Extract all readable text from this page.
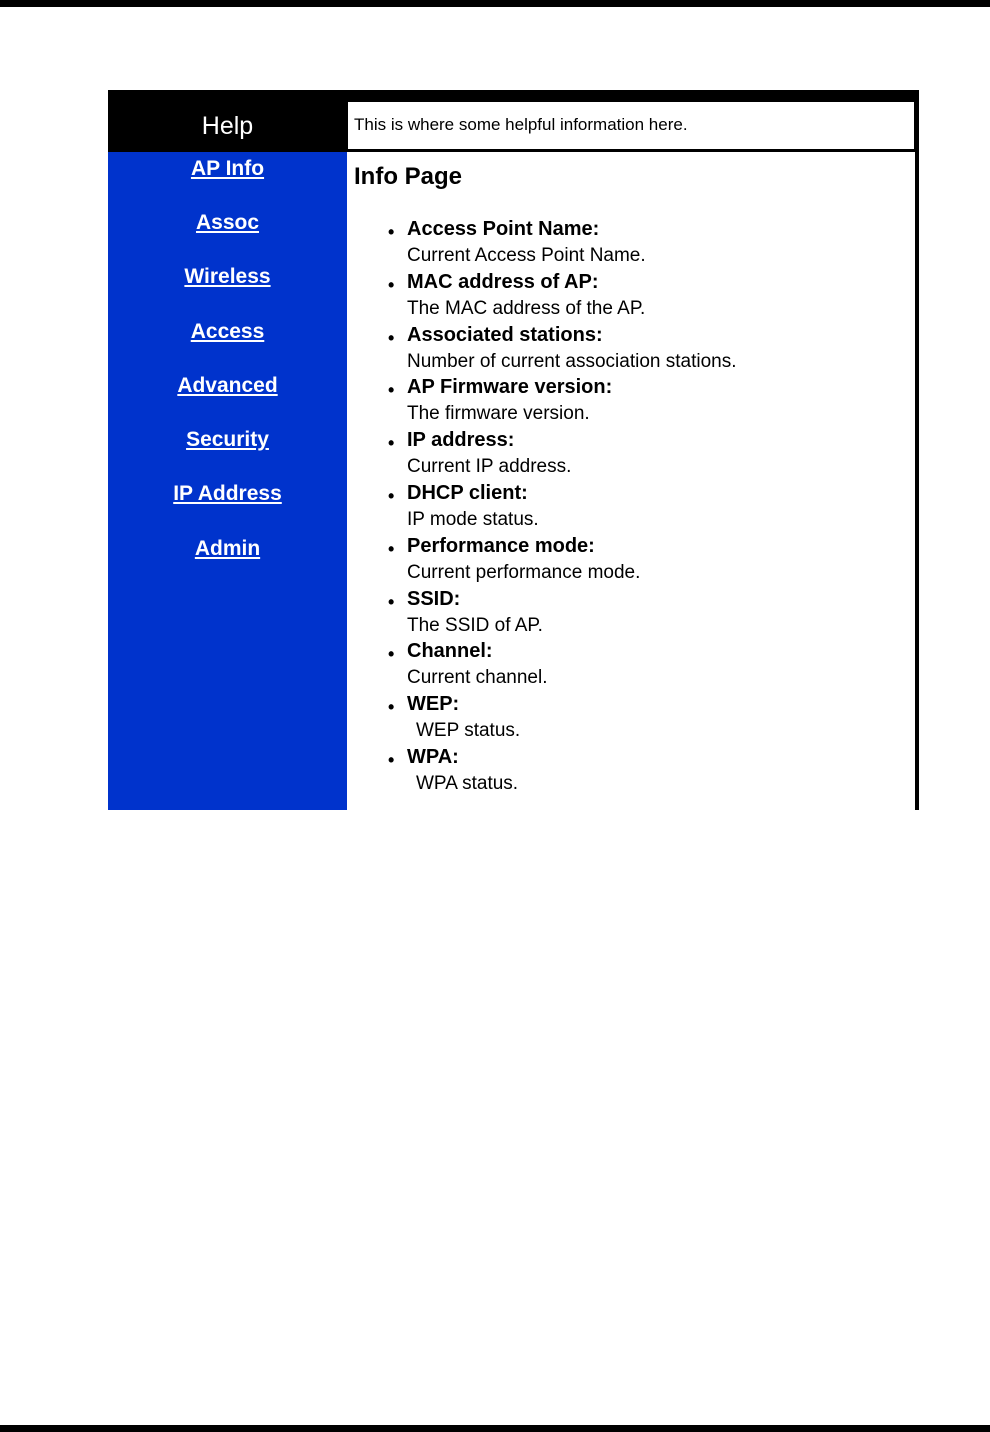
Help	This is where some helpful information here.
AP Info
Assoc
Wireless
Access
Advanced
Security
IP Address
Admin
Info Page
• Access Point Name:
Current Access Point Name.
• MAC address of AP:
The MAC address of the AP.
• Associated stations:
Number of current association stations.
• AP Firmware version:
The firmware version.
• IP address:
Current IP address.
• DHCP client:
IP mode status.
• Performance mode:
Current performance mode.
• SSID:
The SSID of AP.
• Channel:
Current channel.
• WEP:
WEP status.
• WPA:
WPA status.
